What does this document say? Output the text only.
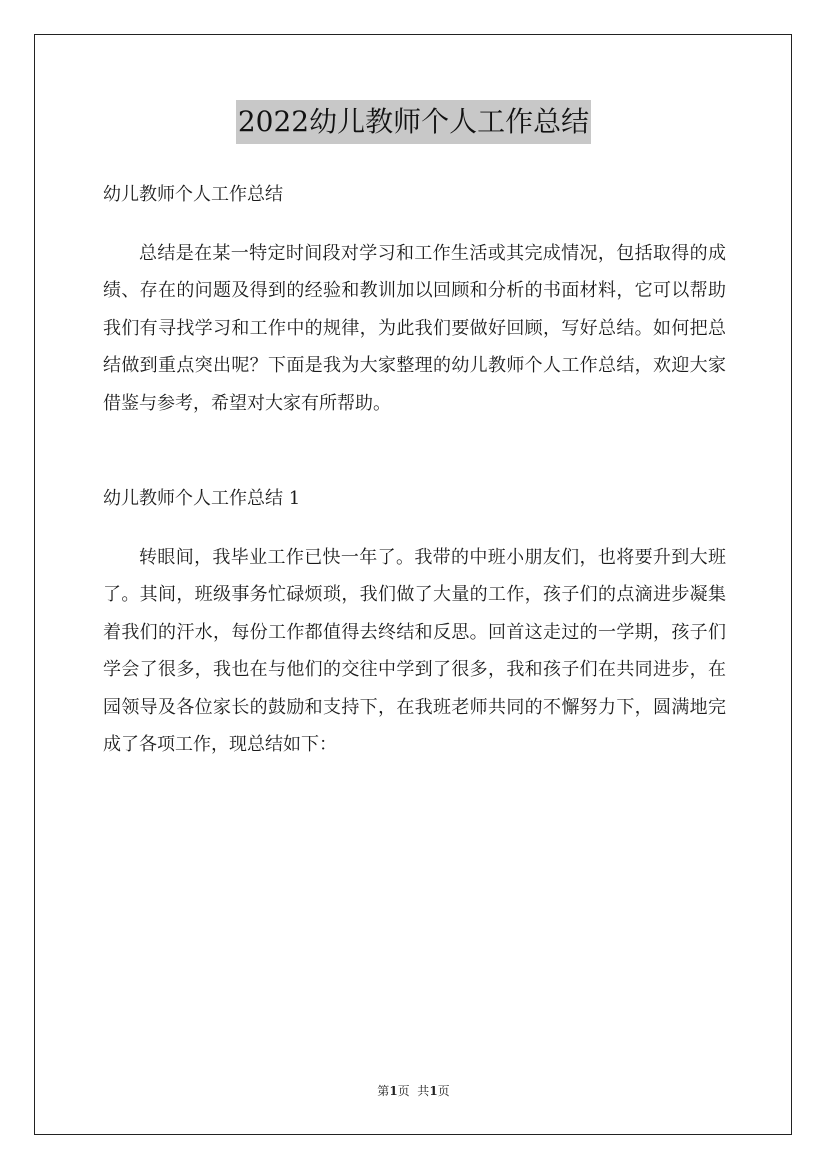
2022幼儿教师个人工作总结

幼儿教师个人工作总结

总结是在某一特定时间段对学习和工作生活或其完成情况，包括取得的成绩、存在的问题及得到的经验和教训加以回顾和分析的书面材料，它可以帮助我们有寻找学习和工作中的规律，为此我们要做好回顾，写好总结。如何把总结做到重点突出呢？下面是我为大家整理的幼儿教师个人工作总结，欢迎大家借鉴与参考，希望对大家有所帮助。

幼儿教师个人工作总结 1

转眼间，我毕业工作已快一年了。我带的中班小朋友们，也将要升到大班了。其间，班级事务忙碌烦琐，我们做了大量的工作，孩子们的点滴进步凝集着我们的汗水，每份工作都值得去终结和反思。回首这走过的一学期，孩子们学会了很多，我也在与他们的交往中学到了很多，我和孩子们在共同进步，在园领导及各位家长的鼓励和支持下，在我班老师共同的不懈努力下，圆满地完成了各项工作，现总结如下：

第1页  共1页
